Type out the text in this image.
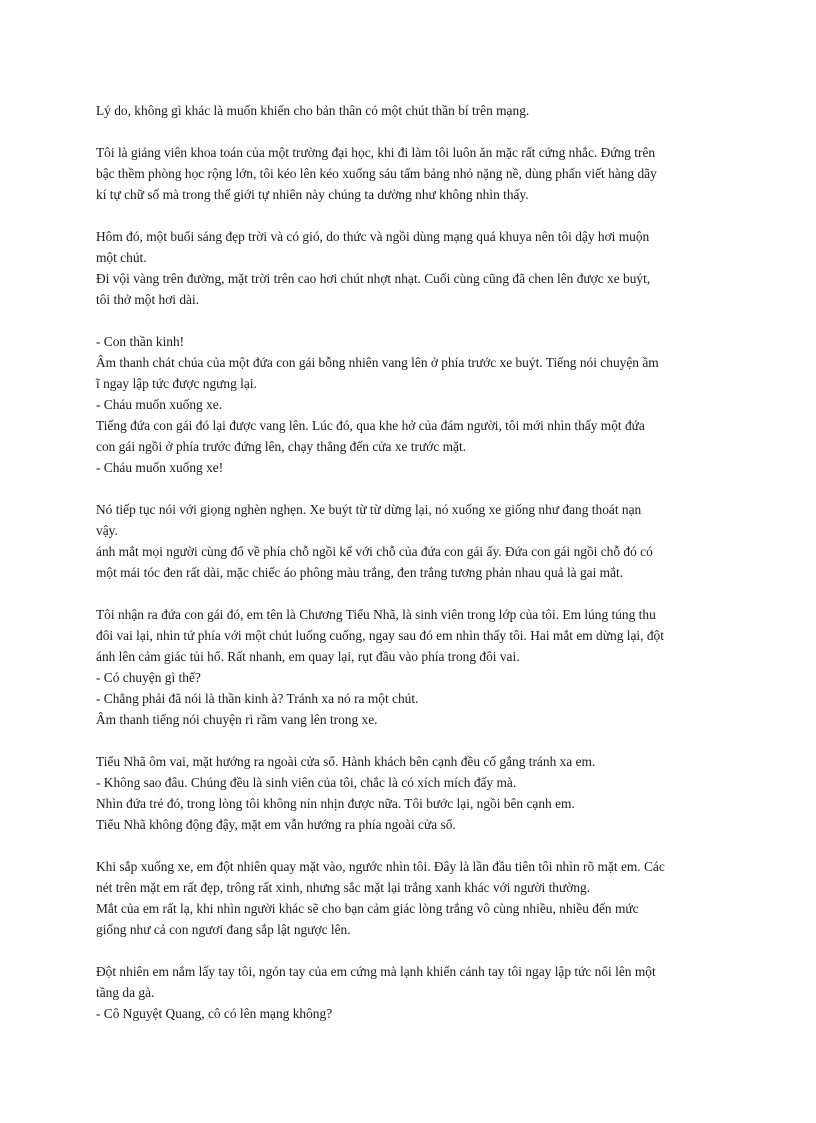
Lý do, không gì khác là muốn khiến cho bản thân có một chút thần bí trên mạng.
Tôi là giảng viên khoa toán của một trường đại học, khi đi làm tôi luôn ăn mặc rất cứng nhắc. Đứng trên
bậc thềm phòng học rộng lớn, tôi kéo lên kéo xuống sáu tấm bảng nhỏ nặng nề, dùng phấn viết hàng dãy
kí tự chữ số mà trong thế giới tự nhiên này chúng ta dường như không nhìn thấy.
Hôm đó, một buổi sáng đẹp trời và có gió, do thức và ngồi dùng mạng quá khuya nên tôi dậy hơi muộn
một chút.
Đi vội vàng trên đường, mặt trời trên cao hơi chút nhợt nhạt. Cuối cùng cũng đã chen lên được xe buýt,
tôi thở một hơi dài.
- Con thần kinh!
Âm thanh chát chúa của một đứa con gái bỗng nhiên vang lên ở phía trước xe buýt. Tiếng nói chuyện ầm
ĩ ngay lập tức được ngưng lại.
- Cháu muốn xuống xe.
Tiếng đứa con gái đó lại được vang lên. Lúc đó, qua khe hở của đám người, tôi mới nhìn thấy một đứa
con gái ngồi ở phía trước đứng lên, chạy thẳng đến cửa xe trước mặt.
- Cháu muốn xuống xe!
Nó tiếp tục nói với giọng nghèn nghẹn. Xe buýt từ từ dừng lại, nó xuống xe giống như đang thoát nạn
vậy.
ánh mắt mọi người cùng đổ về phía chỗ ngồi kế với chỗ của đứa con gái ấy. Đứa con gái ngồi chỗ đó có
một mái tóc đen rất dài, mặc chiếc áo phông màu trắng, đen trắng tương phản nhau quả là gai mắt.
Tôi nhận ra đứa con gái đó, em tên là Chương Tiểu Nhã, là sinh viên trong lớp của tôi. Em lúng túng thu
đôi vai lại, nhìn tứ phía với một chút luống cuống, ngay sau đó em nhìn thấy tôi. Hai mắt em dừng lại, đột
ánh lên cảm giác tủi hổ. Rất nhanh, em quay lại, rụt đầu vào phía trong đôi vai.
- Có chuyện gì thế?
- Chẳng phải đã nói là thần kinh à? Tránh xa nó ra một chút.
Âm thanh tiếng nói chuyện rì rầm vang lên trong xe.
Tiểu Nhã ôm vai, mặt hướng ra ngoài cửa sổ. Hành khách bên cạnh đều cố gắng tránh xa em.
- Không sao đâu. Chúng đều là sinh viên của tôi, chắc là có xích mích đấy mà.
Nhìn đứa trẻ đó, trong lòng tôi không nín nhịn được nữa. Tôi bước lại, ngồi bên cạnh em.
Tiểu Nhã không động đậy, mặt em vẫn hướng ra phía ngoài cửa sổ.
Khi sắp xuống xe, em đột nhiên quay mặt vào, ngước nhìn tôi. Đây là lần đầu tiên tôi nhìn rõ mặt em. Các
nét trên mặt em rất đẹp, trông rất xinh, nhưng sắc mặt lại trắng xanh khác với người thường.
Mắt của em rất lạ, khi nhìn người khác sẽ cho bạn cảm giác lòng trắng vô cùng nhiều, nhiều đến mức
giống như cả con ngươi đang sắp lật ngược lên.
Đột nhiên em nắm lấy tay tôi, ngón tay của em cứng mà lạnh khiến cánh tay tôi ngay lập tức nổi lên một
tầng da gà.
- Cô Nguyệt Quang, cô có lên mạng không?
